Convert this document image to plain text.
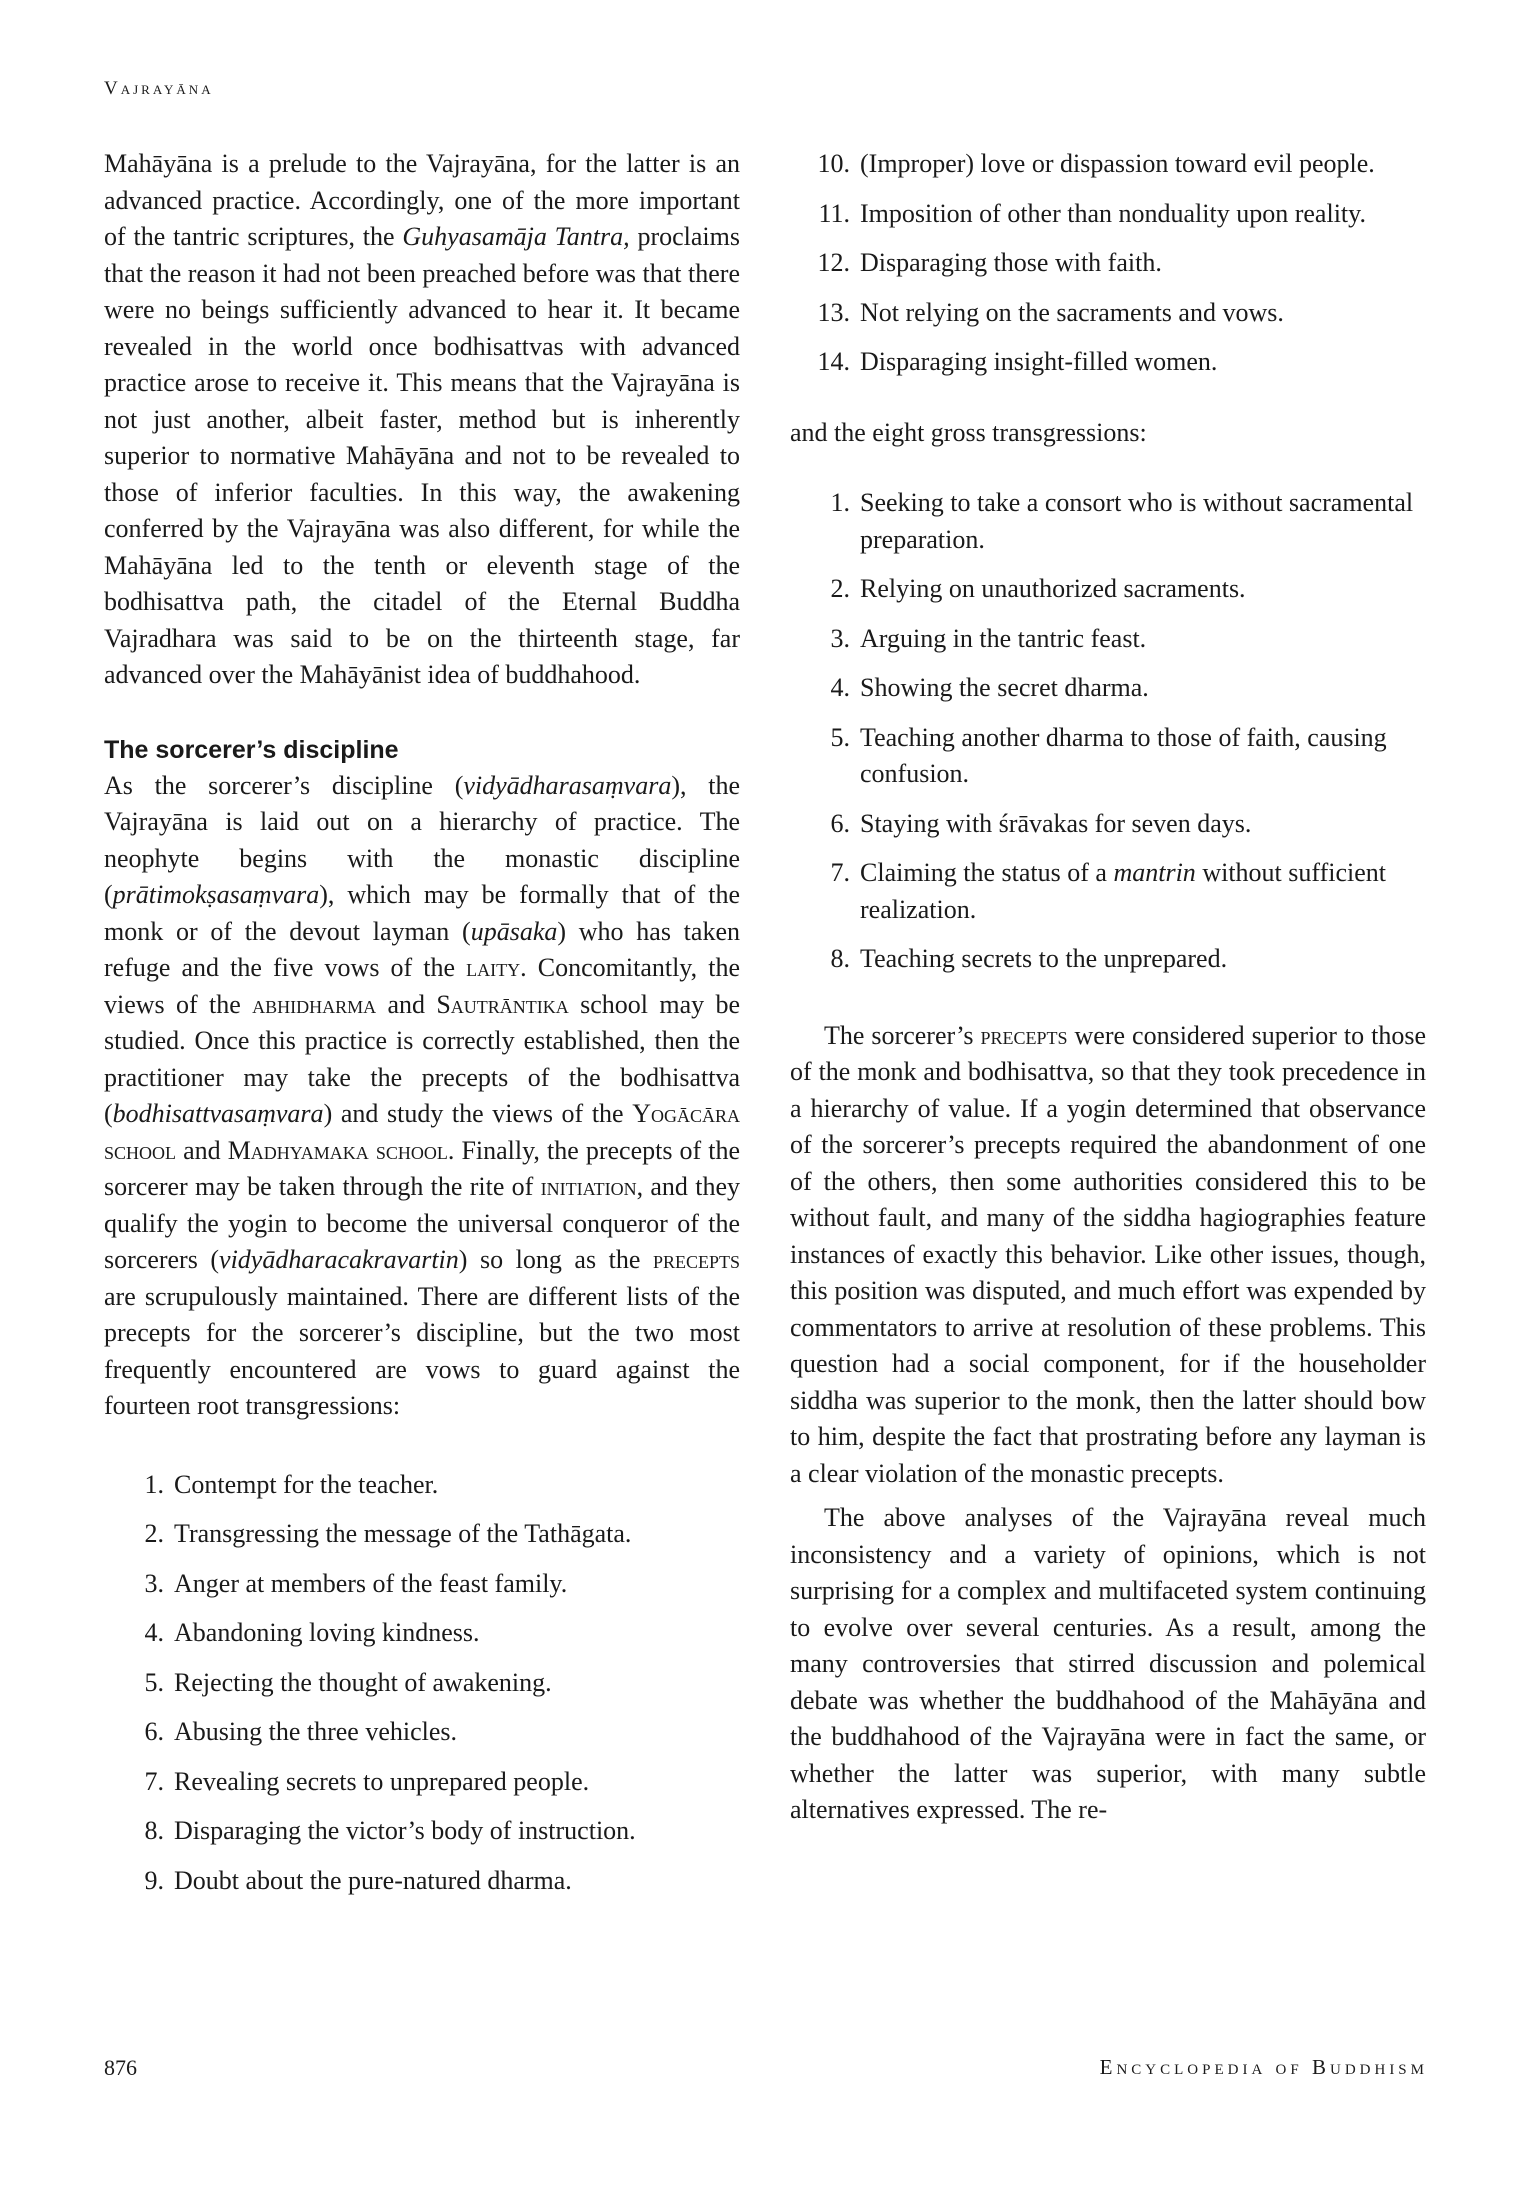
Vajrayāna

Mahāyāna is a prelude to the Vajrayāna, for the latter is an advanced practice. Accordingly, one of the more important of the tantric scriptures, the Guhyasamāja Tantra, proclaims that the reason it had not been preached before was that there were no beings sufficiently advanced to hear it. It became revealed in the world once bodhisattvas with advanced practice arose to receive it. This means that the Vajrayāna is not just another, albeit faster, method but is inherently superior to normative Mahāyāna and not to be revealed to those of inferior faculties. In this way, the awakening conferred by the Vajrayāna was also different, for while the Mahāyāna led to the tenth or eleventh stage of the bodhisattva path, the citadel of the Eternal Buddha Vajradhara was said to be on the thirteenth stage, far advanced over the Mahāyānist idea of buddhahood.

The sorcerer’s discipline

As the sorcerer’s discipline (vidyādharasaṃvara), the Vajrayāna is laid out on a hierarchy of practice. The neophyte begins with the monastic discipline (prātimokṣasaṃvara), which may be formally that of the monk or of the devout layman (upāsaka) who has taken refuge and the five vows of the laity. Concomitantly, the views of the abhidharma and Sautrāntika school may be studied. Once this practice is correctly established, then the practitioner may take the precepts of the bodhisattva (bodhisattvasaṃvara) and study the views of the Yogācāra school and Madhyamaka school. Finally, the precepts of the sorcerer may be taken through the rite of initiation, and they qualify the yogin to become the universal conqueror of the sorcerers (vidyādharacakravartin) so long as the precepts are scrupulously maintained. There are different lists of the precepts for the sorcerer’s discipline, but the two most frequently encountered are vows to guard against the fourteen root transgressions:

1. Contempt for the teacher.
2. Transgressing the message of the Tathāgata.
3. Anger at members of the feast family.
4. Abandoning loving kindness.
5. Rejecting the thought of awakening.
6. Abusing the three vehicles.
7. Revealing secrets to unprepared people.
8. Disparaging the victor’s body of instruction.
9. Doubt about the pure-natured dharma.
10. (Improper) love or dispassion toward evil people.
11. Imposition of other than nonduality upon reality.
12. Disparaging those with faith.
13. Not relying on the sacraments and vows.
14. Disparaging insight-filled women.

and the eight gross transgressions:

1. Seeking to take a consort who is without sacramental preparation.
2. Relying on unauthorized sacraments.
3. Arguing in the tantric feast.
4. Showing the secret dharma.
5. Teaching another dharma to those of faith, causing confusion.
6. Staying with śrāvakas for seven days.
7. Claiming the status of a mantrin without sufficient realization.
8. Teaching secrets to the unprepared.

The sorcerer’s precepts were considered superior to those of the monk and bodhisattva, so that they took precedence in a hierarchy of value. If a yogin determined that observance of the sorcerer’s precepts required the abandonment of one of the others, then some authorities considered this to be without fault, and many of the siddha hagiographies feature instances of exactly this behavior. Like other issues, though, this position was disputed, and much effort was expended by commentators to arrive at resolution of these problems. This question had a social component, for if the householder siddha was superior to the monk, then the latter should bow to him, despite the fact that prostrating before any layman is a clear violation of the monastic precepts.

The above analyses of the Vajrayāna reveal much inconsistency and a variety of opinions, which is not surprising for a complex and multifaceted system continuing to evolve over several centuries. As a result, among the many controversies that stirred discussion and polemical debate was whether the buddhahood of the Mahāyāna and the buddhahood of the Vajrayāna were in fact the same, or whether the latter was superior, with many subtle alternatives expressed. The re-

876	Encyclopedia of Buddhism
